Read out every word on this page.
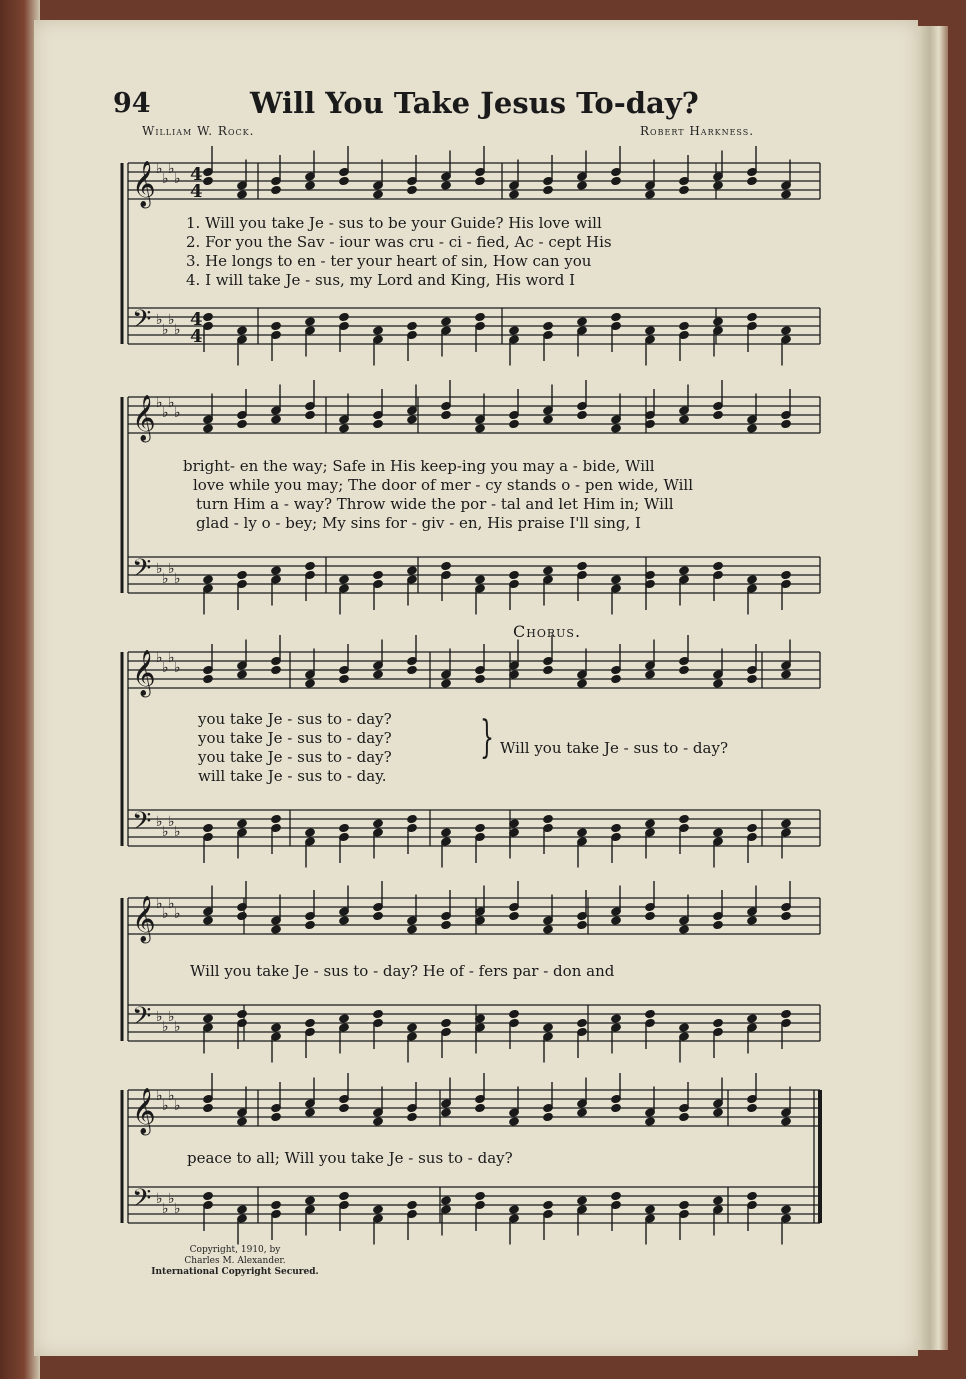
94	Will You Take Jesus To-day?
William W. Rock.	Robert Harkness.
𝄞 ♭
♭
♭
♭
𝄢 ♭
♭
♭
♭
𝄞 ♭
♭
♭
♭
𝄢 ♭
♭
♭
♭
𝄞 ♭
♭
♭
♭
𝄢 ♭
♭
♭
♭
𝄞 ♭
♭
♭
♭
𝄢 ♭
♭
♭
♭
𝄞 ♭
♭
♭
♭
𝄢 ♭
♭
♭
♭
4
4
4
4
1. Will you take Je - sus to be your Guide? His love will
2. For you the Sav - iour was cru - ci - fied, Ac - cept His
3. He longs to en - ter your heart of sin, How can you
4. I will take Je - sus, my Lord and King, His word I
bright- en the way; Safe in His keep-ing you may a - bide, Will
love while you may; The door of mer - cy stands o - pen wide, Will
turn Him a - way? Throw wide the por - tal and let Him in; Will
glad - ly o - bey; My sins for - giv - en, His praise I'll sing, I
Chorus.
you take Je - sus to - day?
you take Je - sus to - day?
you take Je - sus to - day?
will take Je - sus to - day.
} Will you take Je - sus to - day?
Will you take Je - sus to - day? He of - fers par - don and
peace to all; Will you take Je - sus to - day?
Copyright, 1910, by
Charles M. Alexander.
International Copyright Secured.
